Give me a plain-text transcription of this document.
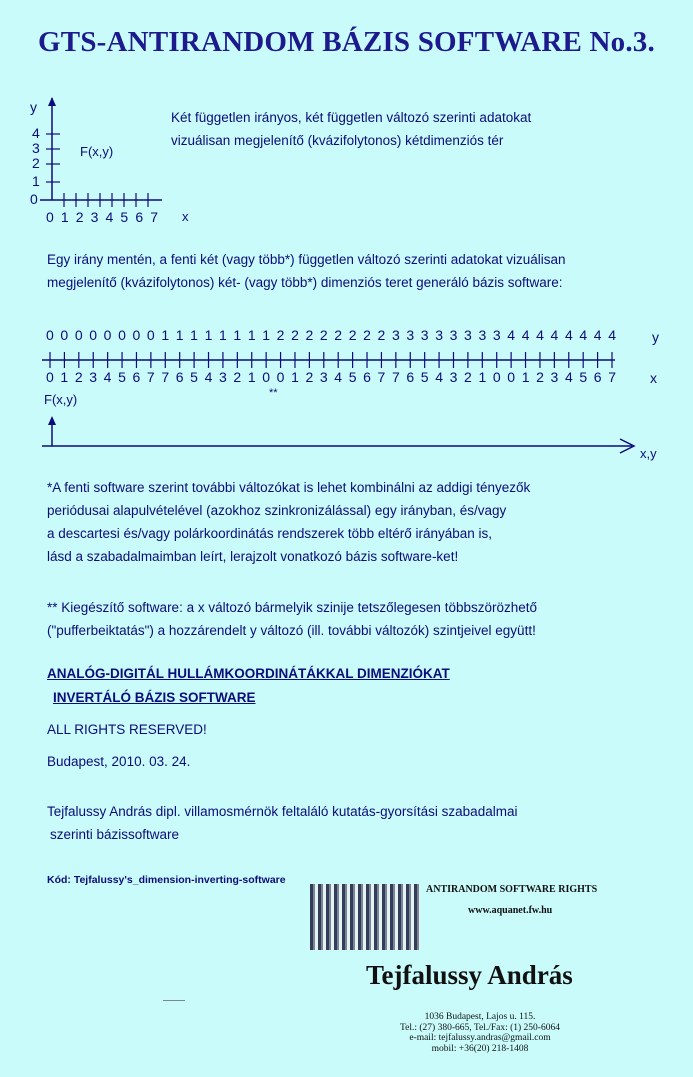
GTS-ANTIRANDOM BÁZIS SOFTWARE No.3.
y
4
3
2
1
0
0 1 2 3 4 5 6 7 x
F(x,y)
Két független irányos, két független változó szerinti adatokat
vizuálisan megjelenítő (kvázifolytonos) kétdimenziós tér
Egy irány mentén, a fenti két (vagy több*) független változó szerinti adatokat vizuálisan
megjelenítő (kvázifolytonos) két- (vagy több*) dimenziós teret generáló bázis software:
0 0 0 0 0 0 0 0 1 1 1 1 1 1 1 1 2 2 2 2 2 2 2 2 3 3 3 3 3 3 3 3 4 4 4 4 4 4 4 4	y
0 1 2 3 4 5 6 7 7 6 5 4 3 2 1 0 0 1 2 3 4 5 6 7 7 6 5 4 3 2 1 0 0 1 2 3 4 5 6 7 x
**
F(x,y)
x,y
*A fenti software szerint további változókat is lehet kombinálni az addigi tényezők
periódusai alapulvételével (azokhoz szinkronizálással) egy irányban, és/vagy
a descartesi és/vagy polárkoordinátás rendszerek több eltérő irányában is,
lásd a szabadalmaimban leírt, lerajzolt vonatkozó bázis software-ket!
** Kiegészítő software: a x változó bármelyik szinije tetszőlegesen többszörözhető
("pufferbeiktatás") a hozzárendelt y változó (ill. további változók) szintjeivel együtt!
ANALÓG-DIGITÁL HULLÁMKOORDINÁTÁKKAL DIMENZIÓKAT
INVERTÁLÓ BÁZIS SOFTWARE
ALL RIGHTS RESERVED!
Budapest, 2010. 03. 24.
Tejfalussy András dipl. villamosmérnök feltaláló kutatás-gyorsítási szabadalmai
szerinti bázissoftware
Kód: Tejfalussy's_dimension-inverting-software
ANTIRANDOM SOFTWARE RIGHTS
www.aquanet.fw.hu
Tejfalussy András
1036 Budapest, Lajos u. 115.
Tel.: (27) 380-665, Tel./Fax: (1) 250-6064
e-mail: tejfalussy.andras@gmail.com
mobil: +36(20) 218-1408
